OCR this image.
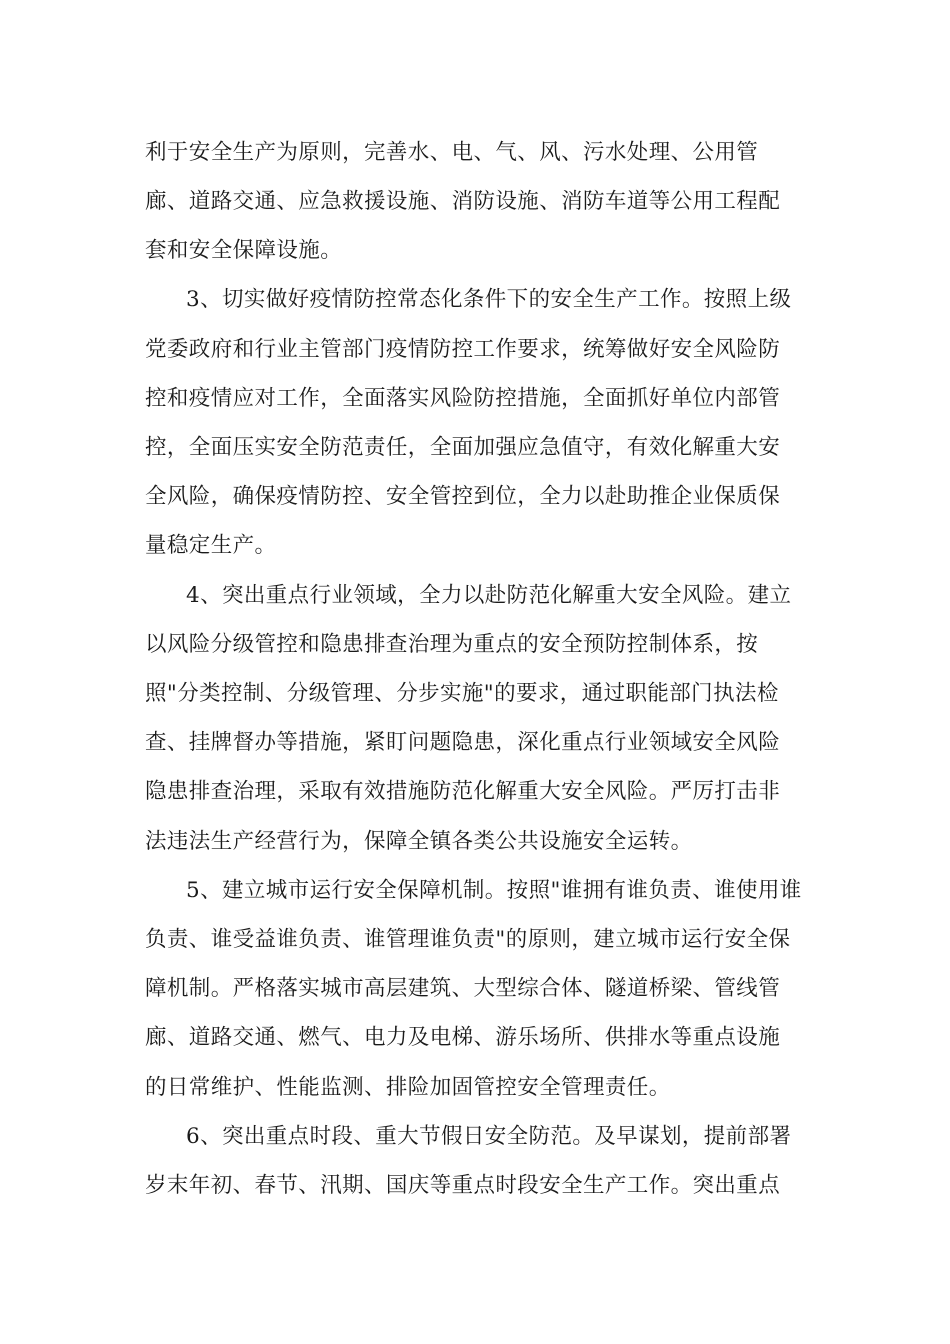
利于安全生产为原则，完善水、电、气、风、污水处理、公用管
廊、道路交通、应急救援设施、消防设施、消防车道等公用工程配
套和安全保障设施。
3、切实做好疫情防控常态化条件下的安全生产工作。按照上级
党委政府和行业主管部门疫情防控工作要求，统筹做好安全风险防
控和疫情应对工作，全面落实风险防控措施，全面抓好单位内部管
控，全面压实安全防范责任，全面加强应急值守，有效化解重大安
全风险，确保疫情防控、安全管控到位，全力以赴助推企业保质保
量稳定生产。
4、突出重点行业领域，全力以赴防范化解重大安全风险。建立
以风险分级管控和隐患排查治理为重点的安全预防控制体系，按
照"分类控制、分级管理、分步实施"的要求，通过职能部门执法检
查、挂牌督办等措施，紧盯问题隐患，深化重点行业领域安全风险
隐患排查治理，采取有效措施防范化解重大安全风险。严厉打击非
法违法生产经营行为，保障全镇各类公共设施安全运转。
5、建立城市运行安全保障机制。按照"谁拥有谁负责、谁使用谁
负责、谁受益谁负责、谁管理谁负责"的原则，建立城市运行安全保
障机制。严格落实城市高层建筑、大型综合体、隧道桥梁、管线管
廊、道路交通、燃气、电力及电梯、游乐场所、供排水等重点设施
的日常维护、性能监测、排险加固管控安全管理责任。
6、突出重点时段、重大节假日安全防范。及早谋划，提前部署
岁末年初、春节、汛期、国庆等重点时段安全生产工作。突出重点
